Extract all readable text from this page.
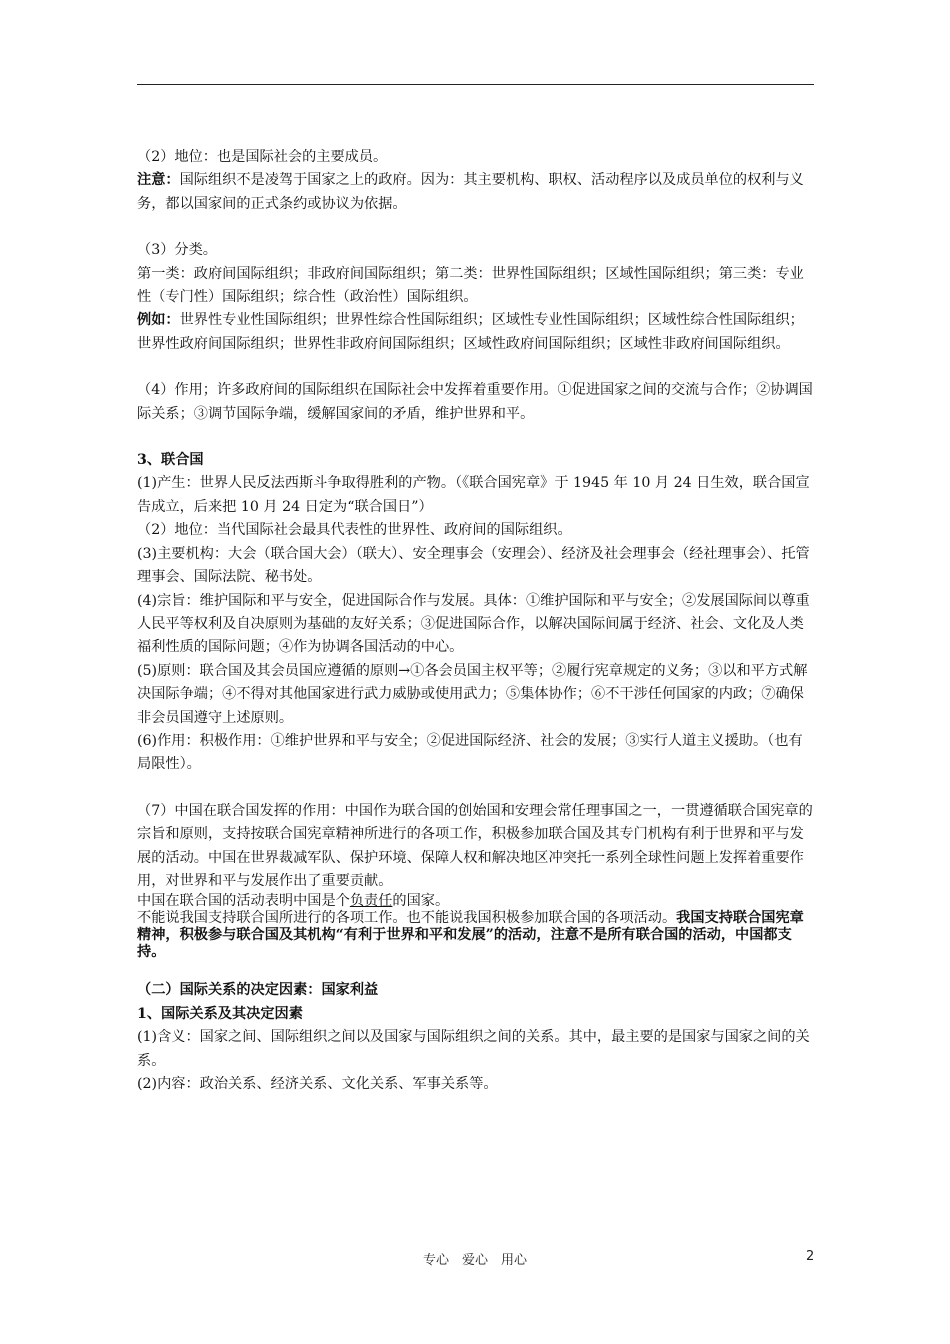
（2）地位：也是国际社会的主要成员。

注意：国际组织不是凌驾于国家之上的政府。因为：其主要机构、职权、活动程序以及成员单位的权利与义务，都以国家间的正式条约或协议为依据。

（3）分类。

第一类：政府间国际组织；非政府间国际组织；第二类：世界性国际组织；区域性国际组织；第三类：专业性（专门性）国际组织；综合性（政治性）国际组织。

例如：世界性专业性国际组织；世界性综合性国际组织；区域性专业性国际组织；区域性综合性国际组织；世界性政府间国际组织；世界性非政府间国际组织；区域性政府间国际组织；区域性非政府间国际组织。

（4）作用；许多政府间的国际组织在国际社会中发挥着重要作用。①促进国家之间的交流与合作；②协调国际关系；③调节国际争端，缓解国家间的矛盾，维护世界和平。

3、联合国

(1)产生：世界人民反法西斯斗争取得胜利的产物。（《联合国宪章》于 1945 年 10 月 24 日生效，联合国宣告成立，后来把 10 月 24 日定为“联合国日”）

（2）地位：当代国际社会最具代表性的世界性、政府间的国际组织。

(3)主要机构：大会（联合国大会）（联大）、安全理事会（安理会）、经济及社会理事会（经社理事会）、托管理事会、国际法院、秘书处。

(4)宗旨：维护国际和平与安全，促进国际合作与发展。具体：①维护国际和平与安全；②发展国际间以尊重人民平等权利及自决原则为基础的友好关系；③促进国际合作，以解决国际间属于经济、社会、文化及人类福利性质的国际问题；④作为协调各国活动的中心。

(5)原则：联合国及其会员国应遵循的原则→①各会员国主权平等；②履行宪章规定的义务；③以和平方式解决国际争端；④不得对其他国家进行武力威胁或使用武力；⑤集体协作；⑥不干涉任何国家的内政；⑦确保非会员国遵守上述原则。

(6)作用：积极作用：①维护世界和平与安全；②促进国际经济、社会的发展；③实行人道主义援助。（也有局限性）。

（7）中国在联合国发挥的作用：中国作为联合国的创始国和安理会常任理事国之一，一贯遵循联合国宪章的宗旨和原则，支持按联合国宪章精神所进行的各项工作，积极参加联合国及其专门机构有利于世界和平与发展的活动。中国在世界裁减军队、保护环境、保障人权和解决地区冲突托一系列全球性问题上发挥着重要作用，对世界和平与发展作出了重要贡献。

中国在联合国的活动表明中国是个负责任的国家。

不能说我国支持联合国所进行的各项工作。也不能说我国积极参加联合国的各项活动。我国支持联合国宪章精神，积极参与联合国及其机构“有利于世界和平和发展”的活动，注意不是所有联合国的活动，中国都支持。

（二）国际关系的决定因素：国家利益

1、国际关系及其决定因素

(1)含义：国家之间、国际组织之间以及国家与国际组织之间的关系。其中，最主要的是国家与国家之间的关系。

(2)内容：政治关系、经济关系、文化关系、军事关系等。

专心　爱心　用心	2
